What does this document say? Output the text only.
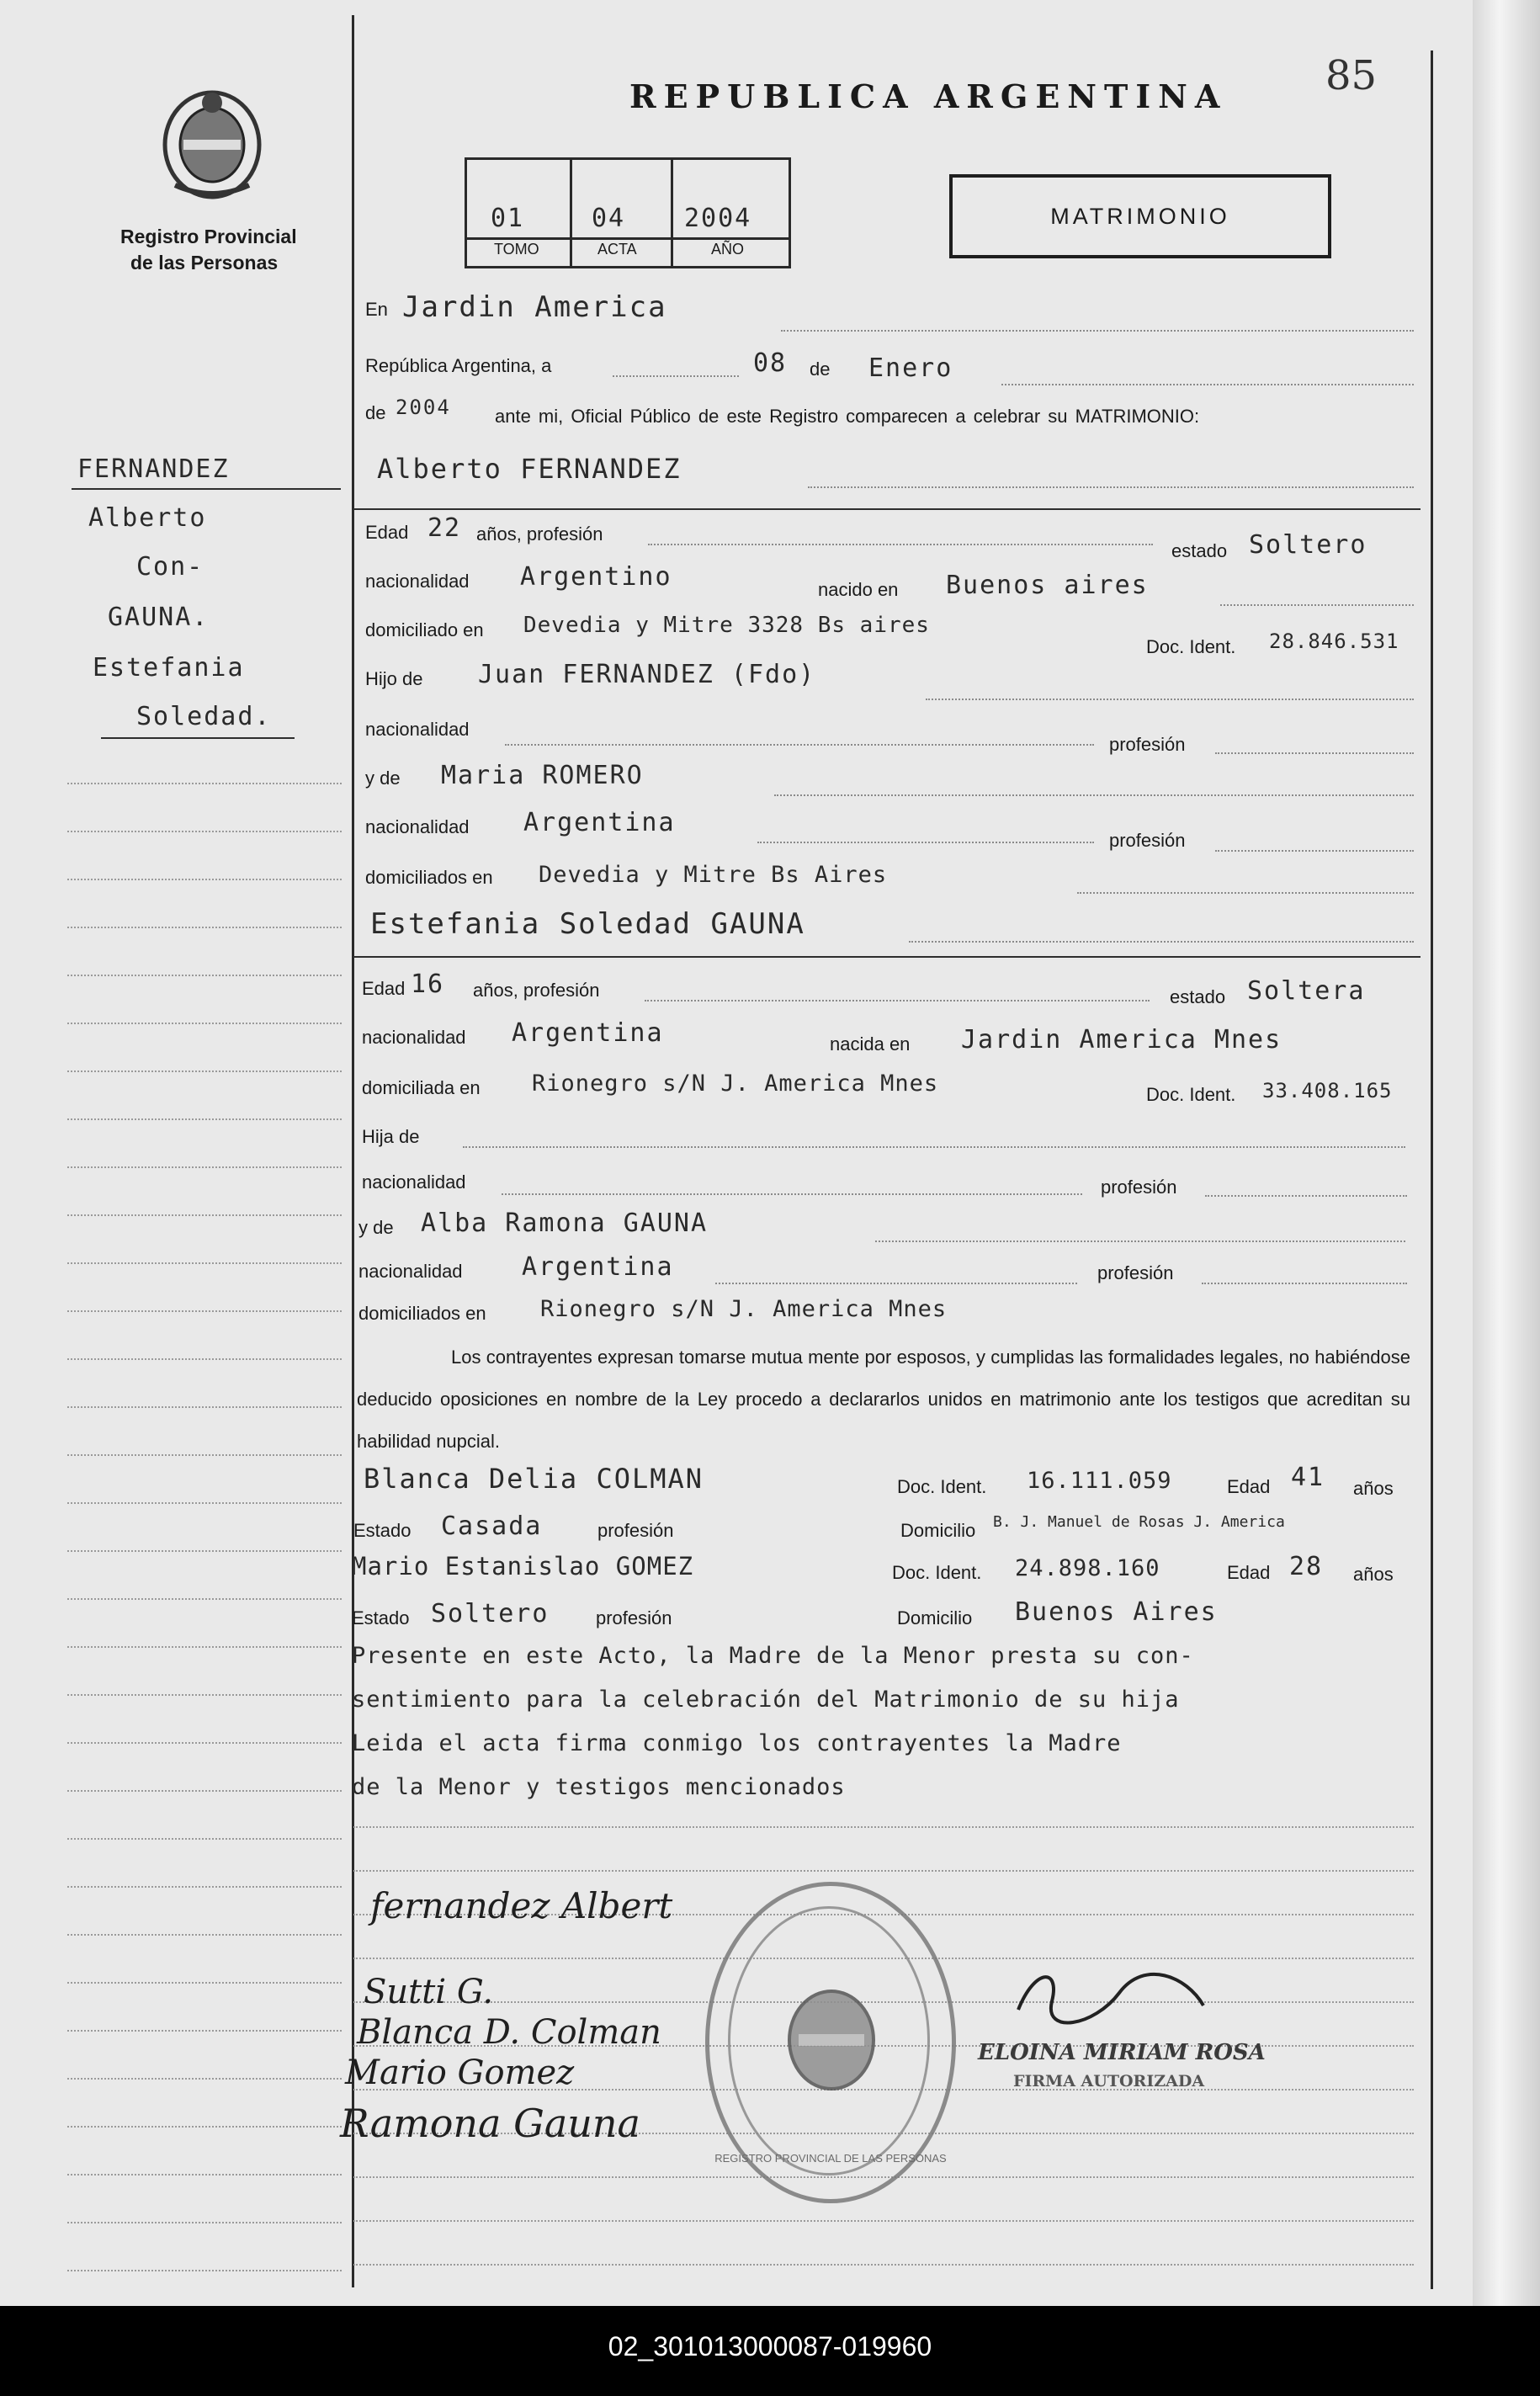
85
Registro Provincial
de las Personas
REPUBLICA ARGENTINA
01	04 2004
TOMO	ACTA	AÑO
MATRIMONIO
FERNANDEZ
Alberto
Con-
GAUNA.
Estefania
Soledad.
En Jardin America
República Argentina, a	08 de Enero
de 2004 ante mi, Oficial Público de este Registro comparecen a celebrar su MATRIMONIO:
Alberto FERNANDEZ
Edad 22 años, profesión
estado Soltero
nacionalidad Argentino	nacido en Buenos aires
domiciliado en Devedia y Mitre 3328 Bs aires
Doc. Ident. 28.846.531
Hijo de Juan FERNANDEZ (Fdo)
nacionalidad
profesión
y de Maria ROMERO
nacionalidad Argentina
profesión
domiciliados en Devedia y Mitre Bs Aires
Estefania Soledad GAUNA
Edad 16 años, profesión	estado Soltera
nacionalidad Argentina	nacida en Jardin America Mnes
domiciliada en Rionegro s/N J. America Mnes	Doc. Ident. 33.408.165
Hija de
nacionalidad	profesión
y de Alba Ramona GAUNA
nacionalidad Argentina	profesión
domiciliados en Rionegro s/N J. America Mnes
Los contrayentes expresan tomarse mutua mente por esposos, y cumplidas las formalidades legales, no habiéndose deducido oposiciones en nombre de la Ley procedo a declararlos unidos en matrimonio ante los testigos que acreditan su habilidad nupcial.
Blanca Delia COLMAN	Doc. Ident. 16.111.059	Edad 41 años
Estado Casada	profesión	Domicilio B. J. Manuel de Rosas J. America
Mario Estanislao GOMEZ	Doc. Ident. 24.898.160	Edad 28 años
Estado Soltero	profesión	Domicilio Buenos Aires
Presente en este Acto, la Madre de la Menor presta su con-
sentimiento para la celebración del Matrimonio de su hija
Leida el acta firma conmigo los contrayentes la Madre
de la Menor y testigos mencionados
fernandez Albert
Sutti G.
Blanca D. Colman
Mario Gomez
Ramona Gauna
REGISTRO PROVINCIAL DE LAS PERSONAS
ELOINA MIRIAM ROSA
FIRMA AUTORIZADA
02_301013000087-019960
